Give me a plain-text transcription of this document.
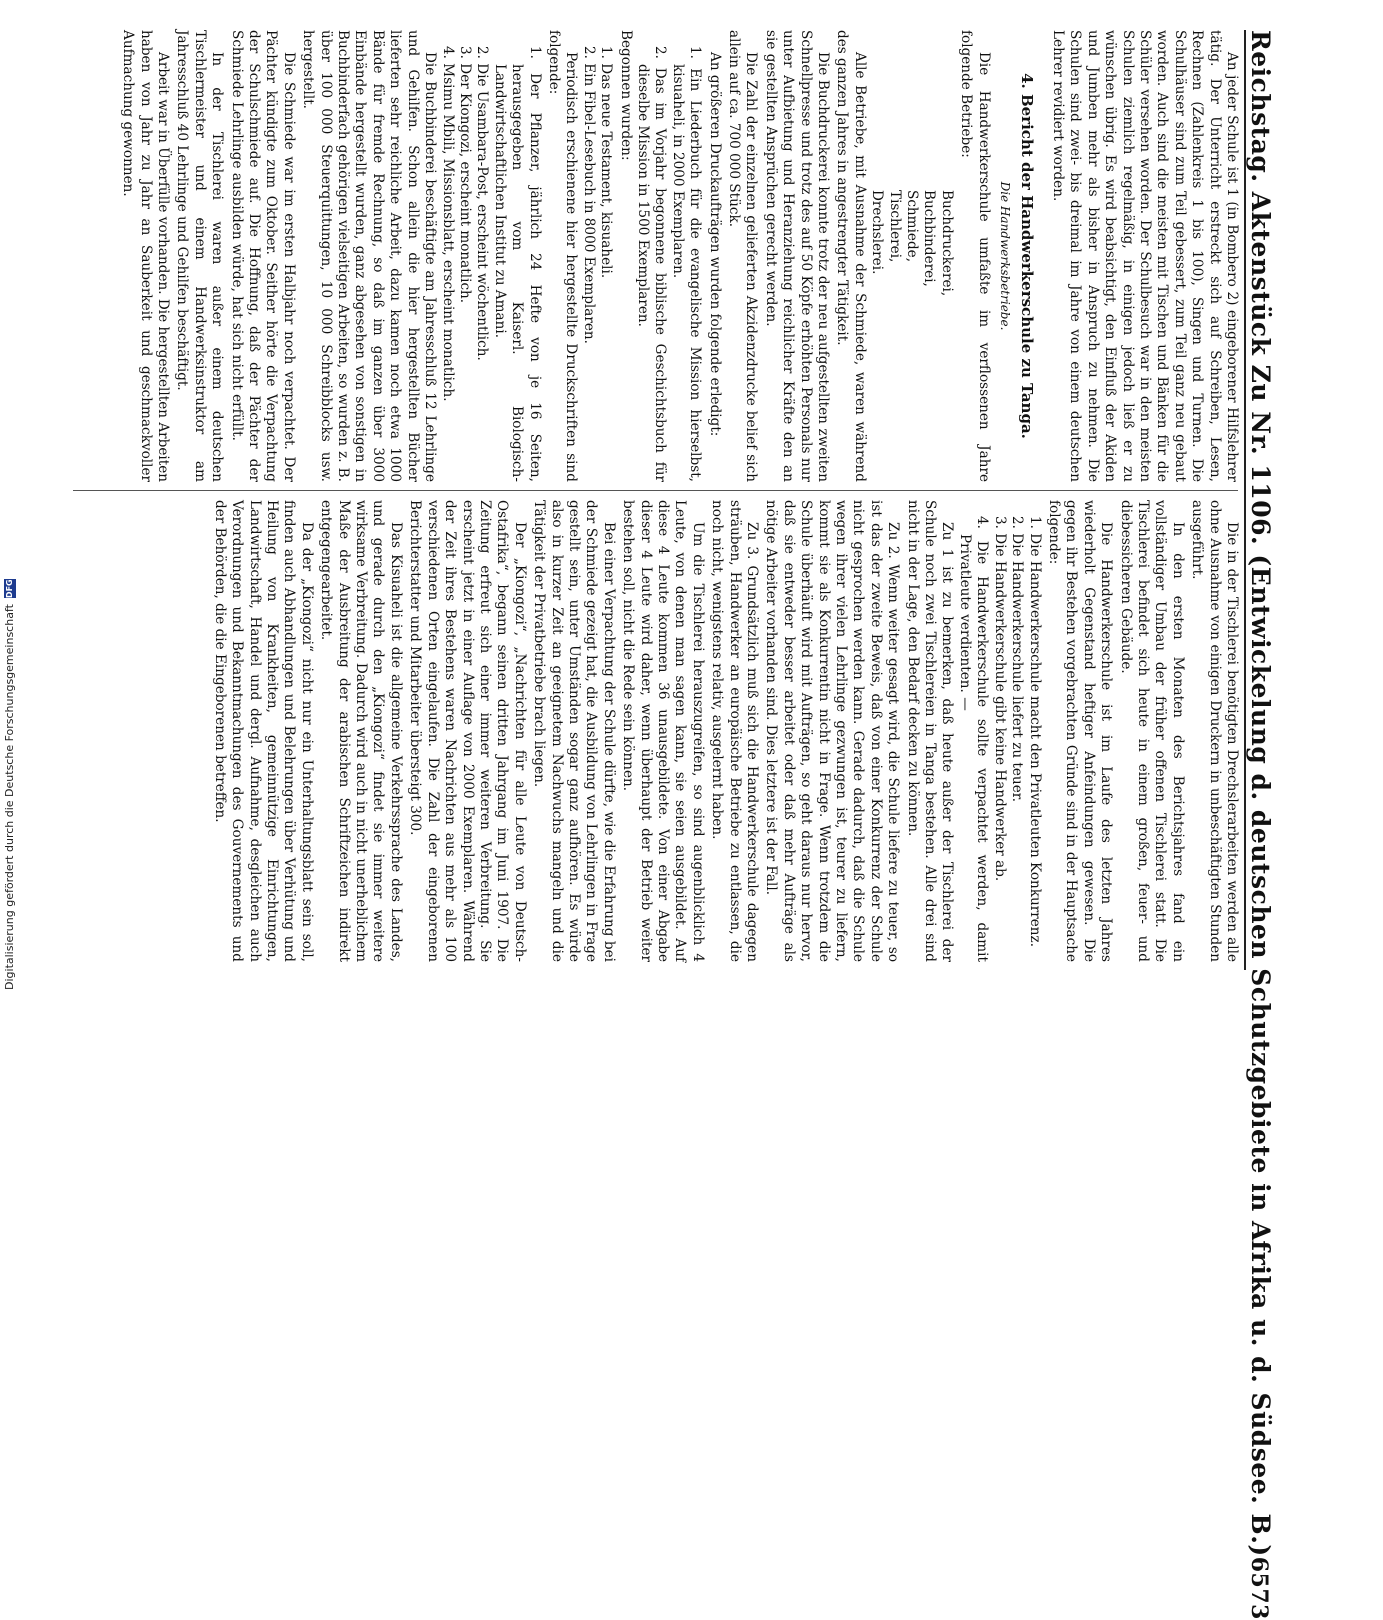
Reichstag. Aktenstück Zu Nr. 1106. (Entwickelung d. deutschen Schutzgebiete in Afrika u. d. Südsee. B.)
6573

An jeder Schule ist 1 (in Bombero 2) eingeborener Hilfslehrer tätig. Der Unterricht erstreckt sich auf Schreiben, Lesen, Rechnen (Zahlenkreis 1 bis 100), Singen und Turnen. Die Schulhäuser sind zum Teil gebessert, zum Teil ganz neu gebaut worden. Auch sind die meisten mit Tischen und Bänken für die Schüler versehen worden. Der Schulbesuch war in den meisten Schulen ziemlich regelmäßig, in einigen jedoch ließ er zu wünschen übrig. Es wird beabsichtigt, den Einfluß der Akiden und Jumben mehr als bisher in Anspruch zu nehmen. Die Schulen sind zwei- bis dreimal im Jahre von einem deutschen Lehrer revidiert worden.

4. Bericht der Handwerkerschule zu Tanga.
Die Handwerksbetriebe.

Die Handwerkerschule umfaßte im verflossenen Jahre folgende Betriebe:

Buchdruckerei,
Buchbinderei,
Schmiede,
Tischlerei,
Drechslerei.

Alle Betriebe, mit Ausnahme der Schmiede, waren während des ganzen Jahres in angestrengter Tätigkeit.

Die Buchdruckerei konnte trotz der neu aufgestellten zweiten Schnellpresse und trotz des auf 50 Köpfe erhöhten Personals nur unter Aufbietung und Heranziehung reichlicher Kräfte den an sie gestellten Ansprüchen gerecht werden.

Die Zahl der einzelnen gelieferten Akzidenzdrucke belief sich allein auf ca. 700 000 Stück.

An größeren Druckaufträgen wurden folgende erledigt:

1. Ein Liederbuch für die evangelische Mission hierselbst, kisuaheli, in 2000 Exemplaren.
2. Das im Vorjahr begonnene biblische Geschichtsbuch für dieselbe Mission in 1500 Exemplaren.

Begonnen wurden:

1. Das neue Testament, kisuaheli.
2. Ein Fibel-Lesebuch in 8000 Exemplaren.

Periodisch erschienene hier hergestellte Druckschriften sind folgende:

1. Der Pflanzer, jährlich 24 Hefte von je 16 Seiten, herausgegeben vom Kaiserl. Biologisch-Landwirtschaftlichen Institut zu Amani.
2. Die Usambara-Post, erscheint wöchentlich.
3. Der Kiongozi, erscheint monatlich.
4. Msimu Mbili, Missionsblatt, erscheint monatlich.

Die Buchbinderei beschäftigte am Jahresschluß 12 Lehrlinge und Gehilfen. Schon allein die hier hergestellten Bücher lieferten sehr reichliche Arbeit, dazu kamen noch etwa 1000 Bände für fremde Rechnung, so daß im ganzen über 3000 Einbände hergestellt wurden, ganz abgesehen von sonstigen in Buchbinderfach gehörigen vielseitigen Arbeiten, so wurden z. B. über 100 000 Steuerquittungen, 10 000 Schreibblocks usw. hergestellt.

Die Schmiede war im ersten Halbjahr noch verpachtet. Der Pächter kündigte zum Oktober. Seither hörte die Verpachtung der Schulschmiede auf. Die Hoffnung, daß der Pächter der Schmiede Lehrlinge ausbilden würde, hat sich nicht erfüllt.

In der Tischlerei waren außer einem deutschen Tischlermeister und einem Handwerksinstruktor am Jahresschluß 40 Lehrlinge und Gehilfen beschäftigt.

Arbeit war in Überfülle vorhanden. Die hergestellten Arbeiten haben von Jahr zu Jahr an Sauberkeit und geschmackvoller Aufmachung gewonnen.

Die in der Tischlerei benötigten Drechslerarbeiten werden alle ohne Ausnahme von einigen Druckern in unbeschäftigten Stunden ausgeführt.

In den ersten Monaten des Berichtsjahres fand ein vollständiger Umbau der früher offenen Tischlerei statt. Die Tischlerei befindet sich heute in einem großen, feuer- und diebessicheren Gebäude.

Die Handwerkerschule ist im Laufe des letzten Jahres wiederholt Gegenstand heftiger Anfeindungen gewesen. Die gegen ihr Bestehen vorgebrachten Gründe sind in der Hauptsache folgende:

1. Die Handwerkerschule macht den Privatleuten Konkurrenz.
2. Die Handwerkerschule liefert zu teuer.
3. Die Handwerkerschule gibt keine Handwerker ab.
4. Die Handwerkerschule sollte verpachtet werden, damit Privatleute verdienten. —

Zu 1 ist zu bemerken, daß heute außer der Tischlerei der Schule noch zwei Tischlereien in Tanga bestehen. Alle drei sind nicht in der Lage, den Bedarf decken zu können.

Zu 2. Wenn weiter gesagt wird, die Schule liefere zu teuer, so ist das der zweite Beweis, daß von einer Konkurrenz der Schule nicht gesprochen werden kann. Gerade dadurch, daß die Schule wegen ihrer vielen Lehrlinge gezwungen ist, teurer zu liefern, kommt sie als Konkurrentin nicht in Frage. Wenn trotzdem die Schule überhäuft wird mit Aufträgen, so geht daraus nur hervor, daß sie entweder besser arbeitet oder daß mehr Aufträge als nötige Arbeiter vorhanden sind. Dies letztere ist der Fall.

Zu 3. Grundsätzlich muß sich die Handwerkerschule dagegen sträuben, Handwerker an europäische Betriebe zu entlassen, die noch nicht, wenigstens relativ, ausgelernt haben.

Um die Tischlerei herauszugreifen, so sind augenblicklich 4 Leute, von denen man sagen kann, sie seien ausgebildet. Auf diese 4 Leute kommen 36 unausgebildete. Von einer Abgabe dieser 4 Leute wird daher, wenn überhaupt der Betrieb weiter bestehen soll, nicht die Rede sein können.

Bei einer Verpachtung der Schule dürfte, wie die Erfahrung bei der Schmiede gezeigt hat, die Ausbildung von Lehrlingen in Frage gestellt sein, unter Umständen sogar ganz aufhören. Es würde also in kurzer Zeit an geeignetem Nachwuchs mangeln und die Tätigkeit der Privatbetriebe brach liegen.

Der „Kiongozi“, „Nachrichten für alle Leute von Deutsch-Ostafrika“, begann seinen dritten Jahrgang im Juni 1907. Die Zeitung erfreut sich einer immer weiteren Verbreitung. Sie erscheint jetzt in einer Auflage von 2000 Exemplaren. Während der Zeit ihres Bestehens waren Nachrichten aus mehr als 100 verschiedenen Orten eingelaufen. Die Zahl der eingeborenen Berichterstatter und Mitarbeiter übersteigt 300.

Das Kisuaheli ist die allgemeine Verkehrssprache des Landes, und gerade durch den „Kiongozi“ findet sie immer weitere wirksame Verbreitung. Dadurch wird auch in nicht unerheblichem Maße der Ausbreitung der arabischen Schriftzeichen indirekt entgegengearbeitet.

Da der „Kiongozi“ nicht nur ein Unterhaltungsblatt sein soll, finden auch Abhandlungen und Belehrungen über Verhütung und Heilung von Krankheiten, gemeinnützige Einrichtungen, Landwirtschaft, Handel und dergl. Aufnahme, desgleichen auch Verordnungen und Bekanntmachungen des Gouvernements und der Behörden, die die Eingeborenen betreffen.

Digitalisierung gefördert durch die Deutsche Forschungsgemeinschaft
DFG
